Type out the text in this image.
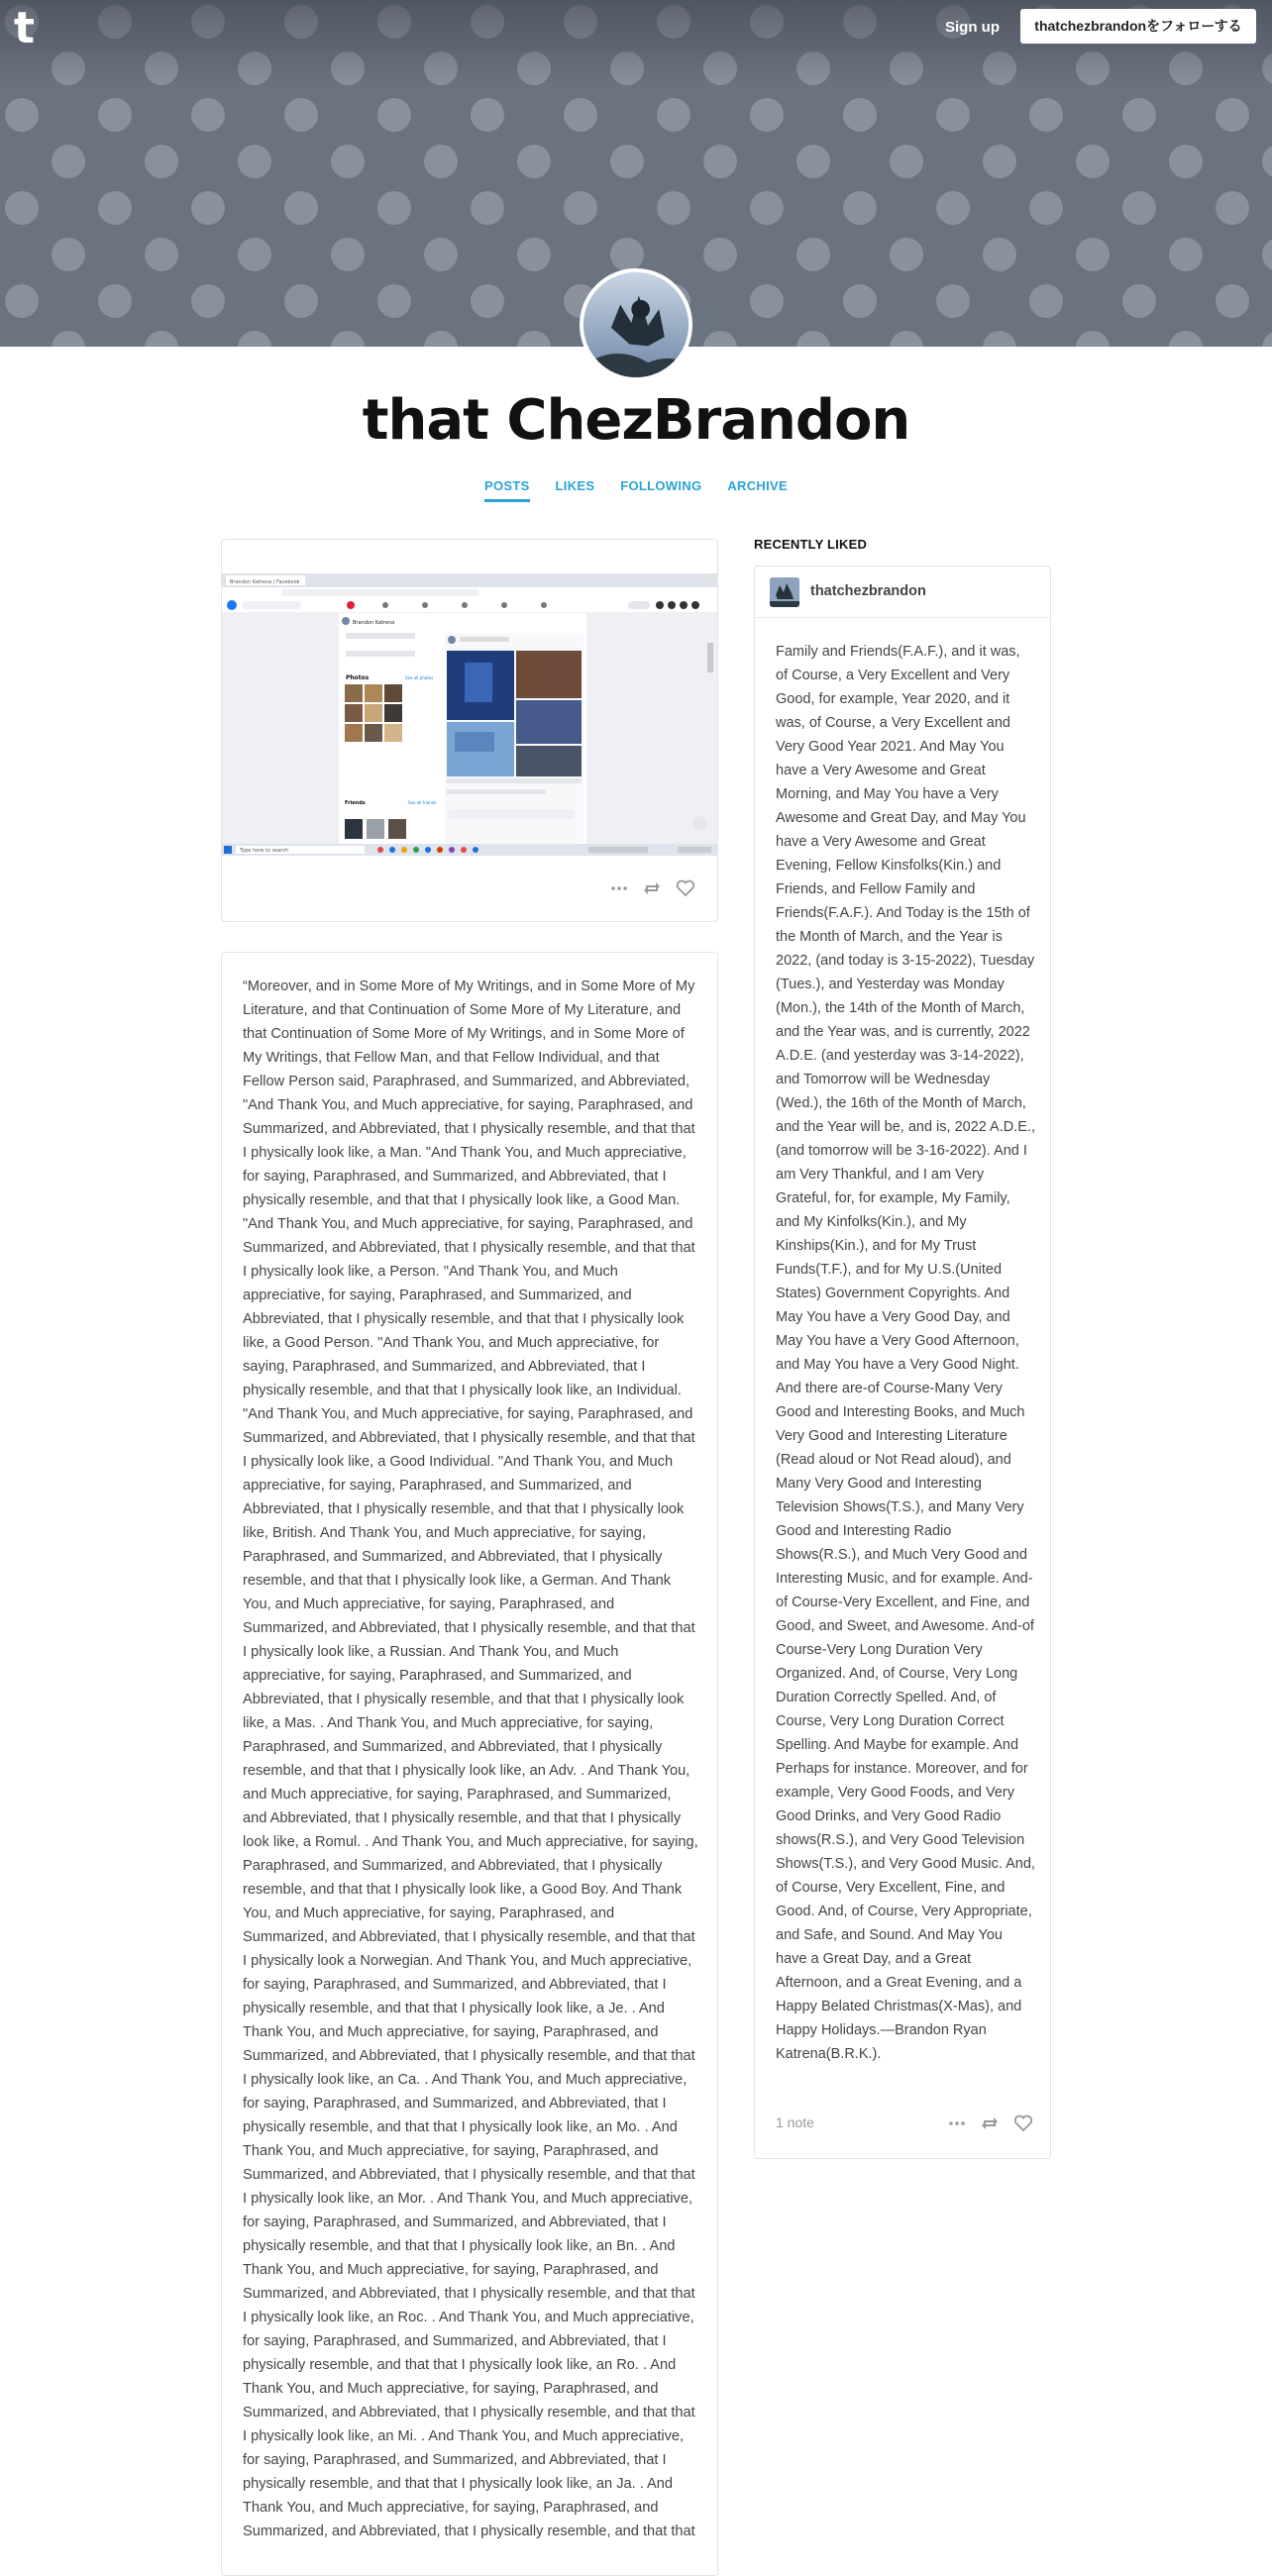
t	Sign up	thatchezbrandonをフォローする
that ChezBrandon
POSTS LIKES FOLLOWING ARCHIVE
Brandon Katrena | Facebook
Brandon Katrena
Photos	See all photos
Friends	See all friends
Type here to search
“Moreover, and in Some More of My Writings, and in Some More of My Literature, and that Continuation of Some More of My Literature, and that Continuation of Some More of My Writings, and in Some More of My Writings, that Fellow Man, and that Fellow Individual, and that Fellow Person said, Paraphrased, and Summarized, and Abbreviated, "And Thank You, and Much appreciative, for saying, Paraphrased, and Summarized, and Abbreviated, that I physically resemble, and that that I physically look like, a Man. "And Thank You, and Much appreciative, for saying, Paraphrased, and Summarized, and Abbreviated, that I physically resemble, and that that I physically look like, a Good Man. "And Thank You, and Much appreciative, for saying, Paraphrased, and Summarized, and Abbreviated, that I physically resemble, and that that I physically look like, a Person. "And Thank You, and Much appreciative, for saying, Paraphrased, and Summarized, and Abbreviated, that I physically resemble, and that that I physically look like, a Good Person. "And Thank You, and Much appreciative, for saying, Paraphrased, and Summarized, and Abbreviated, that I physically resemble, and that that I physically look like, an Individual. "And Thank You, and Much appreciative, for saying, Paraphrased, and Summarized, and Abbreviated, that I physically resemble, and that that I physically look like, a Good Individual. "And Thank You, and Much appreciative, for saying, Paraphrased, and Summarized, and Abbreviated, that I physically resemble, and that that I physically look like, British. And Thank You, and Much appreciative, for saying, Paraphrased, and Summarized, and Abbreviated, that I physically resemble, and that that I physically look like, a German. And Thank You, and Much appreciative, for saying, Paraphrased, and Summarized, and Abbreviated, that I physically resemble, and that that I physically look like, a Russian. And Thank You, and Much appreciative, for saying, Paraphrased, and Summarized, and Abbreviated, that I physically resemble, and that that I physically look like, a Mas. . And Thank You, and Much appreciative, for saying, Paraphrased, and Summarized, and Abbreviated, that I physically resemble, and that that I physically look like, an Adv. . And Thank You, and Much appreciative, for saying, Paraphrased, and Summarized, and Abbreviated, that I physically resemble, and that that I physically look like, a Romul. . And Thank You, and Much appreciative, for saying, Paraphrased, and Summarized, and Abbreviated, that I physically resemble, and that that I physically look like, a Good Boy. And Thank You, and Much appreciative, for saying, Paraphrased, and Summarized, and Abbreviated, that I physically resemble, and that that I physically look a Norwegian. And Thank You, and Much appreciative, for saying, Paraphrased, and Summarized, and Abbreviated, that I physically resemble, and that that I physically look like, a Je. . And Thank You, and Much appreciative, for saying, Paraphrased, and Summarized, and Abbreviated, that I physically resemble, and that that I physically look like, an Ca. . And Thank You, and Much appreciative, for saying, Paraphrased, and Summarized, and Abbreviated, that I physically resemble, and that that I physically look like, an Mo. . And Thank You, and Much appreciative, for saying, Paraphrased, and Summarized, and Abbreviated, that I physically resemble, and that that I physically look like, an Mor. . And Thank You, and Much appreciative, for saying, Paraphrased, and Summarized, and Abbreviated, that I physically resemble, and that that I physically look like, an Bn. . And Thank You, and Much appreciative, for saying, Paraphrased, and Summarized, and Abbreviated, that I physically resemble, and that that I physically look like, an Roc. . And Thank You, and Much appreciative, for saying, Paraphrased, and Summarized, and Abbreviated, that I physically resemble, and that that I physically look like, an Ro. . And Thank You, and Much appreciative, for saying, Paraphrased, and Summarized, and Abbreviated, that I physically resemble, and that that I physically look like, an Mi. . And Thank You, and Much appreciative, for saying, Paraphrased, and Summarized, and Abbreviated, that I physically resemble, and that that I physically look like, an Ja. . And Thank You, and Much appreciative, for saying, Paraphrased, and Summarized, and Abbreviated, that I physically resemble, and that that
RECENTLY LIKED
thatchezbrandon
Family and Friends(F.A.F.), and it was, of Course, a Very Excellent and Very Good, for example, Year 2020, and it was, of Course, a Very Excellent and Very Good Year 2021. And May You have a Very Awesome and Great Morning, and May You have a Very Awesome and Great Day, and May You have a Very Awesome and Great Evening, Fellow Kinsfolks(Kin.) and Friends, and Fellow Family and Friends(F.A.F.). And Today is the 15th of the Month of March, and the Year is 2022, (and today is 3-15-2022), Tuesday (Tues.), and Yesterday was Monday (Mon.), the 14th of the Month of March, and the Year was, and is currently, 2022 A.D.E. (and yesterday was 3-14-2022), and Tomorrow will be Wednesday (Wed.), the 16th of the Month of March, and the Year will be, and is, 2022 A.D.E., (and tomorrow will be 3-16-2022). And I am Very Thankful, and I am Very Grateful, for, for example, My Family, and My Kinfolks(Kin.), and My Kinships(Kin.), and for My Trust Funds(T.F.), and for My U.S.(United States) Government Copyrights. And May You have a Very Good Day, and May You have a Very Good Afternoon, and May You have a Very Good Night. And there are-of Course-Many Very Good and Interesting Books, and Much Very Good and Interesting Literature (Read aloud or Not Read aloud), and Many Very Good and Interesting Television Shows(T.S.), and Many Very Good and Interesting Radio Shows(R.S.), and Much Very Good and Interesting Music, and for example. And-of Course-Very Excellent, and Fine, and Good, and Sweet, and Awesome. And-of Course-Very Long Duration Very Organized. And, of Course, Very Long Duration Correctly Spelled. And, of Course, Very Long Duration Correct Spelling. And Maybe for example. And Perhaps for instance. Moreover, and for example, Very Good Foods, and Very Good Drinks, and Very Good Radio shows(R.S.), and Very Good Television Shows(T.S.), and Very Good Music. And, of Course, Very Excellent, Fine, and Good. And, of Course, Very Appropriate, and Safe, and Sound. And May You have a Great Day, and a Great Afternoon, and a Great Evening, and a Happy Belated Christmas(X-Mas), and Happy Holidays.—Brandon Ryan Katrena(B.R.K.).
1 note
